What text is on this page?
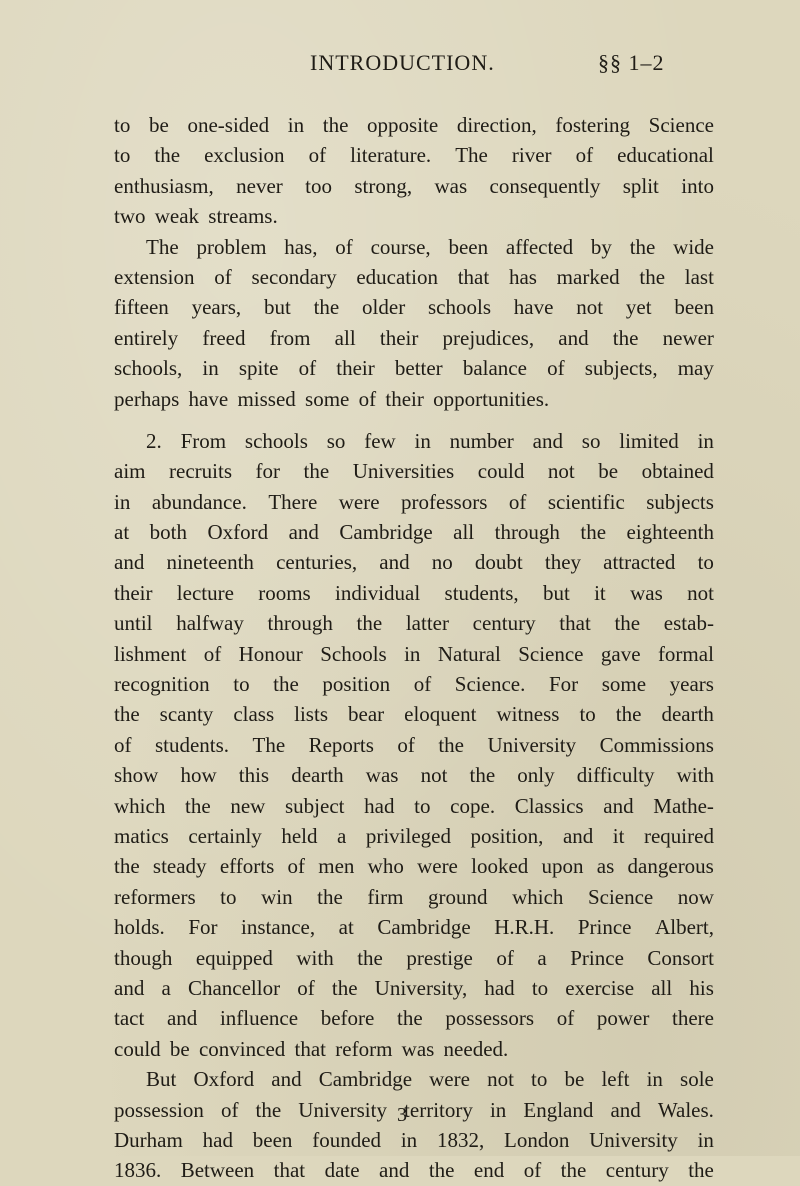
INTRODUCTION.	§§ 1–2
to be one-sided in the opposite direction, fostering Science
to the exclusion of literature. The river of educational
enthusiasm, never too strong, was consequently split into
two weak streams.
The problem has, of course, been affected by the wide
extension of secondary education that has marked the last
fifteen years, but the older schools have not yet been
entirely freed from all their prejudices, and the newer
schools, in spite of their better balance of subjects, may
perhaps have missed some of their opportunities.
2. From schools so few in number and so limited in
aim recruits for the Universities could not be obtained
in abundance. There were professors of scientific subjects
at both Oxford and Cambridge all through the eighteenth
and nineteenth centuries, and no doubt they attracted to
their lecture rooms individual students, but it was not
until halfway through the latter century that the estab-
lishment of Honour Schools in Natural Science gave formal
recognition to the position of Science. For some years
the scanty class lists bear eloquent witness to the dearth
of students. The Reports of the University Commissions
show how this dearth was not the only difficulty with
which the new subject had to cope. Classics and Mathe-
matics certainly held a privileged position, and it required
the steady efforts of men who were looked upon as dangerous
reformers to win the firm ground which Science now
holds. For instance, at Cambridge H.R.H. Prince Albert,
though equipped with the prestige of a Prince Consort
and a Chancellor of the University, had to exercise all his
tact and influence before the possessors of power there
could be convinced that reform was needed.
But Oxford and Cambridge were not to be left in sole
possession of the University territory in England and Wales.
Durham had been founded in 1832, London University in
1836. Between that date and the end of the century the
3
